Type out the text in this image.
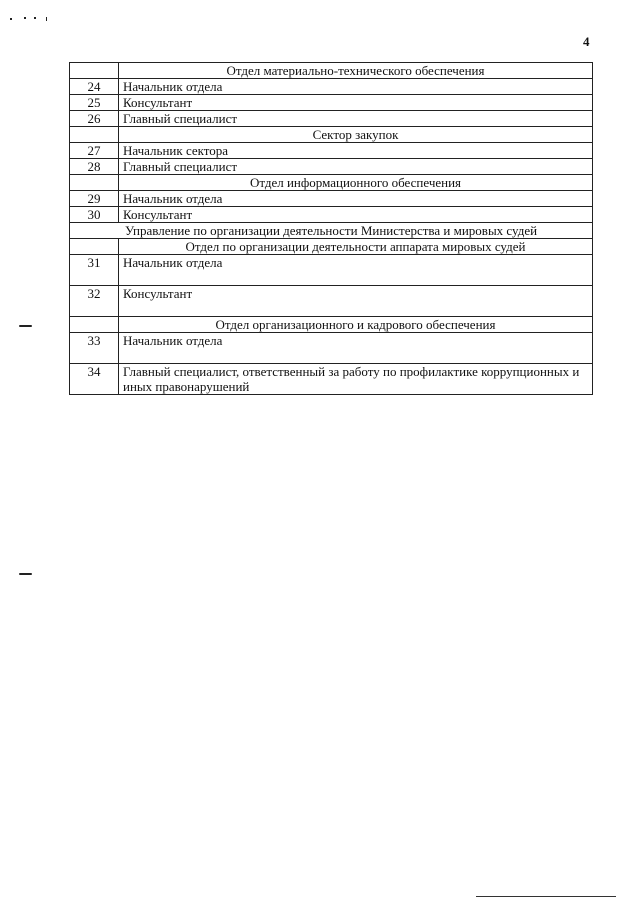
4
	Отдел материально-технического обеспечения
24	Начальник отдела
25	Консультант
26	Главный специалист
	Сектор закупок
27	Начальник сектора
28	Главный специалист
	Отдел информационного обеспечения
29	Начальник отдела
30	Консультант
Управление по организации деятельности Министерства и мировых судей	
	Отдел по организации деятельности аппарата мировых судей
31	Начальник отдела
32	Консультант
	Отдел организационного и кадрового обеспечения
33	Начальник отдела
34	Главный специалист, ответственный за работу по профилактике коррупционных и иных правонарушений
